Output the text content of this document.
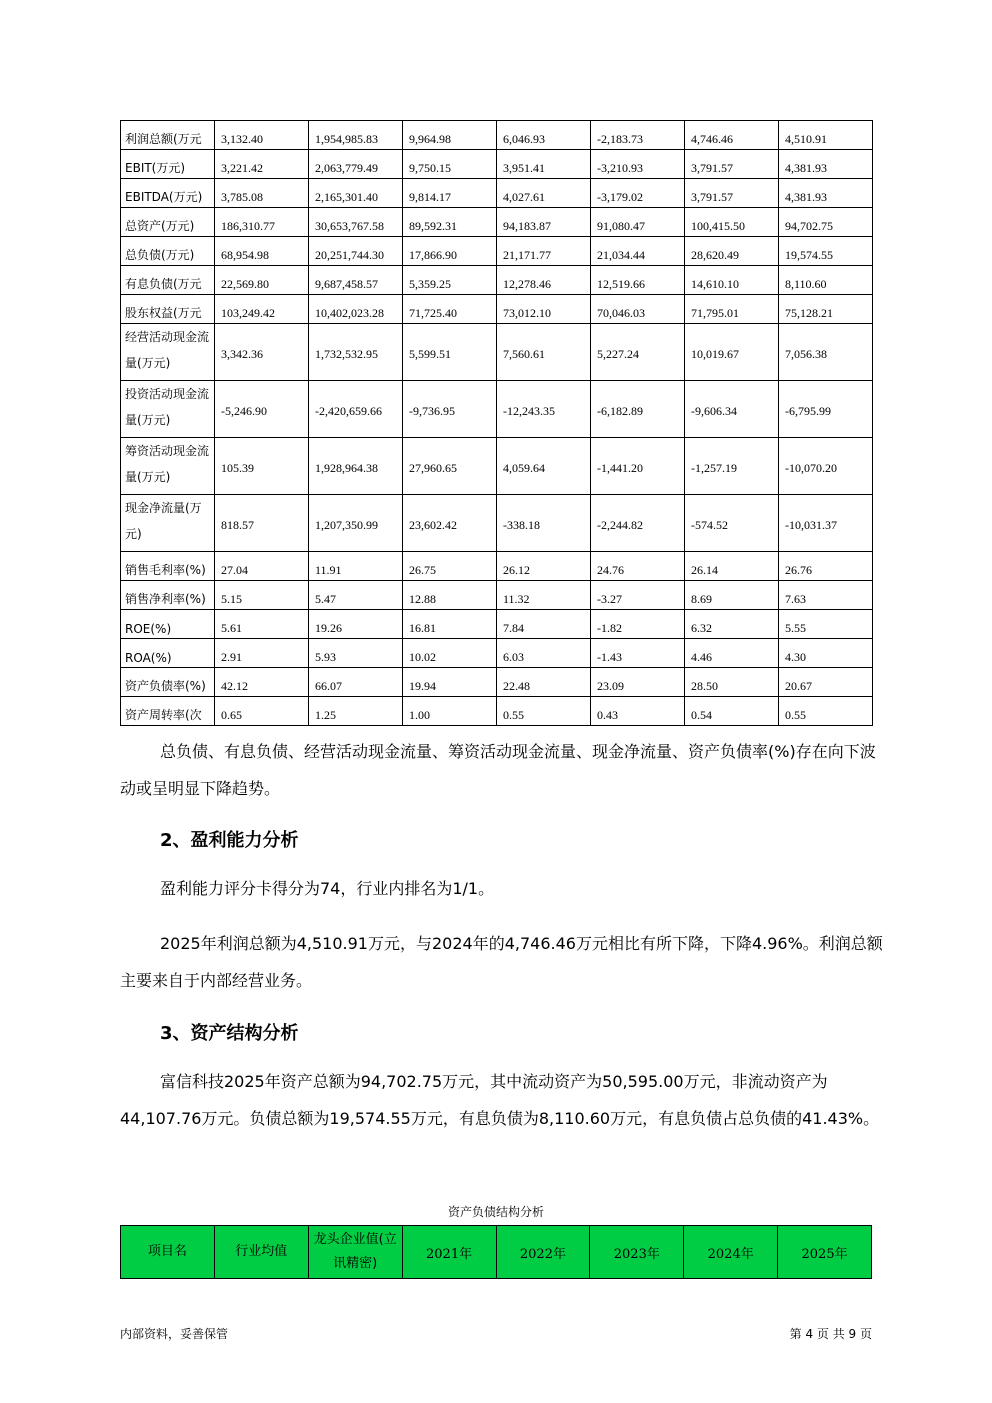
利润总额(万元	3,132.40	1,954,985.83	9,964.98	6,046.93	-2,183.73	4,746.46	4,510.91
EBIT(万元)	3,221.42	2,063,779.49	9,750.15	3,951.41	-3,210.93	3,791.57	4,381.93
EBITDA(万元)	3,785.08	2,165,301.40	9,814.17	4,027.61	-3,179.02	3,791.57	4,381.93
总资产(万元)	186,310.77	30,653,767.58	89,592.31	94,183.87	91,080.47	100,415.50	94,702.75
总负债(万元)	68,954.98	20,251,744.30	17,866.90	21,171.77	21,034.44	28,620.49	19,574.55
有息负债(万元	22,569.80	9,687,458.57	5,359.25	12,278.46	12,519.66	14,610.10	8,110.60
股东权益(万元	103,249.42	10,402,023.28	71,725.40	73,012.10	70,046.03	71,795.01	75,128.21
经营活动现金流量(万元)	3,342.36	1,732,532.95	5,599.51	7,560.61	5,227.24	10,019.67	7,056.38
投资活动现金流量(万元)	-5,246.90	-2,420,659.66	-9,736.95	-12,243.35	-6,182.89	-9,606.34	-6,795.99
筹资活动现金流量(万元)	105.39	1,928,964.38	27,960.65	4,059.64	-1,441.20	-1,257.19	-10,070.20
现金净流量(万元)	818.57	1,207,350.99	23,602.42	-338.18	-2,244.82	-574.52	-10,031.37
销售毛利率(%)	27.04	11.91	26.75	26.12	24.76	26.14	26.76
销售净利率(%)	5.15	5.47	12.88	11.32	-3.27	8.69	7.63
ROE(%)	5.61	19.26	16.81	7.84	-1.82	6.32	5.55
ROA(%)	2.91	5.93	10.02	6.03	-1.43	4.46	4.30
资产负债率(%)	42.12	66.07	19.94	22.48	23.09	28.50	20.67
资产周转率(次	0.65	1.25	1.00	0.55	0.43	0.54	0.55

总负债、有息负债、经营活动现金流量、筹资活动现金流量、现金净流量、资产负债率(%)存在向下波动或呈明显下降趋势。

2、盈利能力分析

盈利能力评分卡得分为74，行业内排名为1/1。

2025年利润总额为4,510.91万元，与2024年的4,746.46万元相比有所下降，下降4.96%。利润总额主要来自于内部经营业务。

3、资产结构分析

富信科技2025年资产总额为94,702.75万元，其中流动资产为50,595.00万元，非流动资产为44,107.76万元。负债总额为19,574.55万元，有息负债为8,110.60万元，有息负债占总负债的41.43%。

资产负债结构分析
项目名	行业均值	龙头企业值(立讯精密)	2021年	2022年	2023年	2024年	2025年
内部资料，妥善保管	第 4 页 共 9 页
